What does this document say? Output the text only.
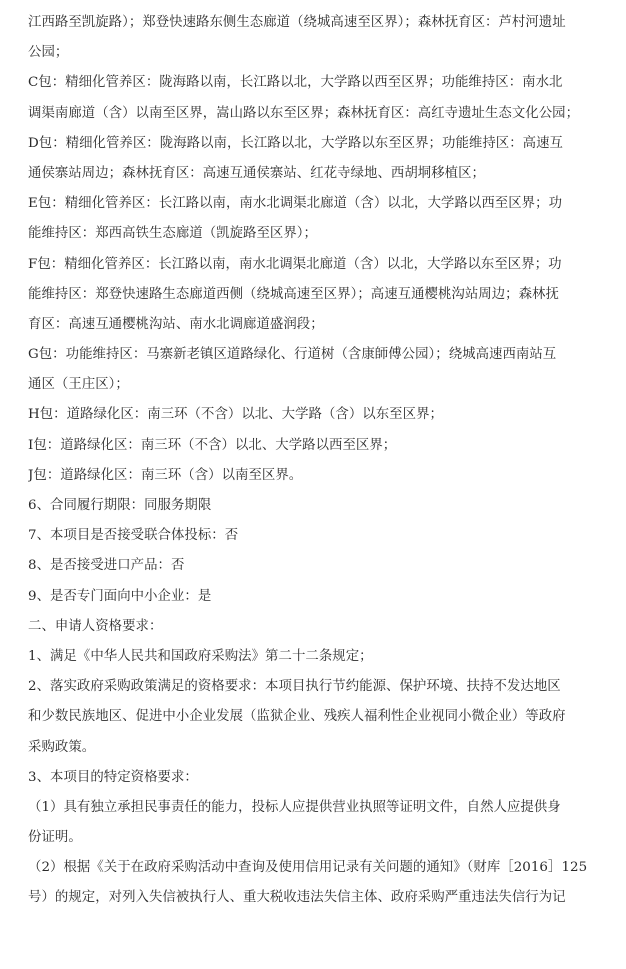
江西路至凯旋路）；郑登快速路东侧生态廊道（绕城高速至区界）；森林抚育区：芦村河遗址
公园；
C包：精细化管养区：陇海路以南，长江路以北，大学路以西至区界；功能维持区：南水北
调渠南廊道（含）以南至区界，嵩山路以东至区界；森林抚育区：高红寺遗址生态文化公园；
D包：精细化管养区：陇海路以南，长江路以北，大学路以东至区界；功能维持区：高速互
通侯寨站周边；森林抚育区：高速互通侯寨站、红花寺绿地、西胡垌移植区；
E包：精细化管养区：长江路以南，南水北调渠北廊道（含）以北，大学路以西至区界；功
能维持区：郑西高铁生态廊道（凯旋路至区界）；
F包：精细化管养区：长江路以南，南水北调渠北廊道（含）以北，大学路以东至区界；功
能维持区：郑登快速路生态廊道西侧（绕城高速至区界）；高速互通樱桃沟站周边；森林抚
育区：高速互通樱桃沟站、南水北调廊道盛润段；
G包：功能维持区：马寨新老镇区道路绿化、行道树（含康師傅公园）；绕城高速西南站互
通区（王庄区）；
H包：道路绿化区：南三环（不含）以北、大学路（含）以东至区界；
I包：道路绿化区：南三环（不含）以北、大学路以西至区界；
J包：道路绿化区：南三环（含）以南至区界。
6、合同履行期限：同服务期限
7、本项目是否接受联合体投标：否
8、是否接受进口产品：否
9、是否专门面向中小企业：是
二、申请人资格要求：
1、满足《中华人民共和国政府采购法》第二十二条规定；
2、落实政府采购政策满足的资格要求：本项目执行节约能源、保护环境、扶持不发达地区
和少数民族地区、促进中小企业发展（监狱企业、残疾人福利性企业视同小微企业）等政府
采购政策。
3、本项目的特定资格要求：
（1）具有独立承担民事责任的能力，投标人应提供营业执照等证明文件，自然人应提供身
份证明。
（2）根据《关于在政府采购活动中查询及使用信用记录有关问题的通知》（财库［2016］125
号）的规定，对列入失信被执行人、重大税收违法失信主体、政府采购严重违法失信行为记
